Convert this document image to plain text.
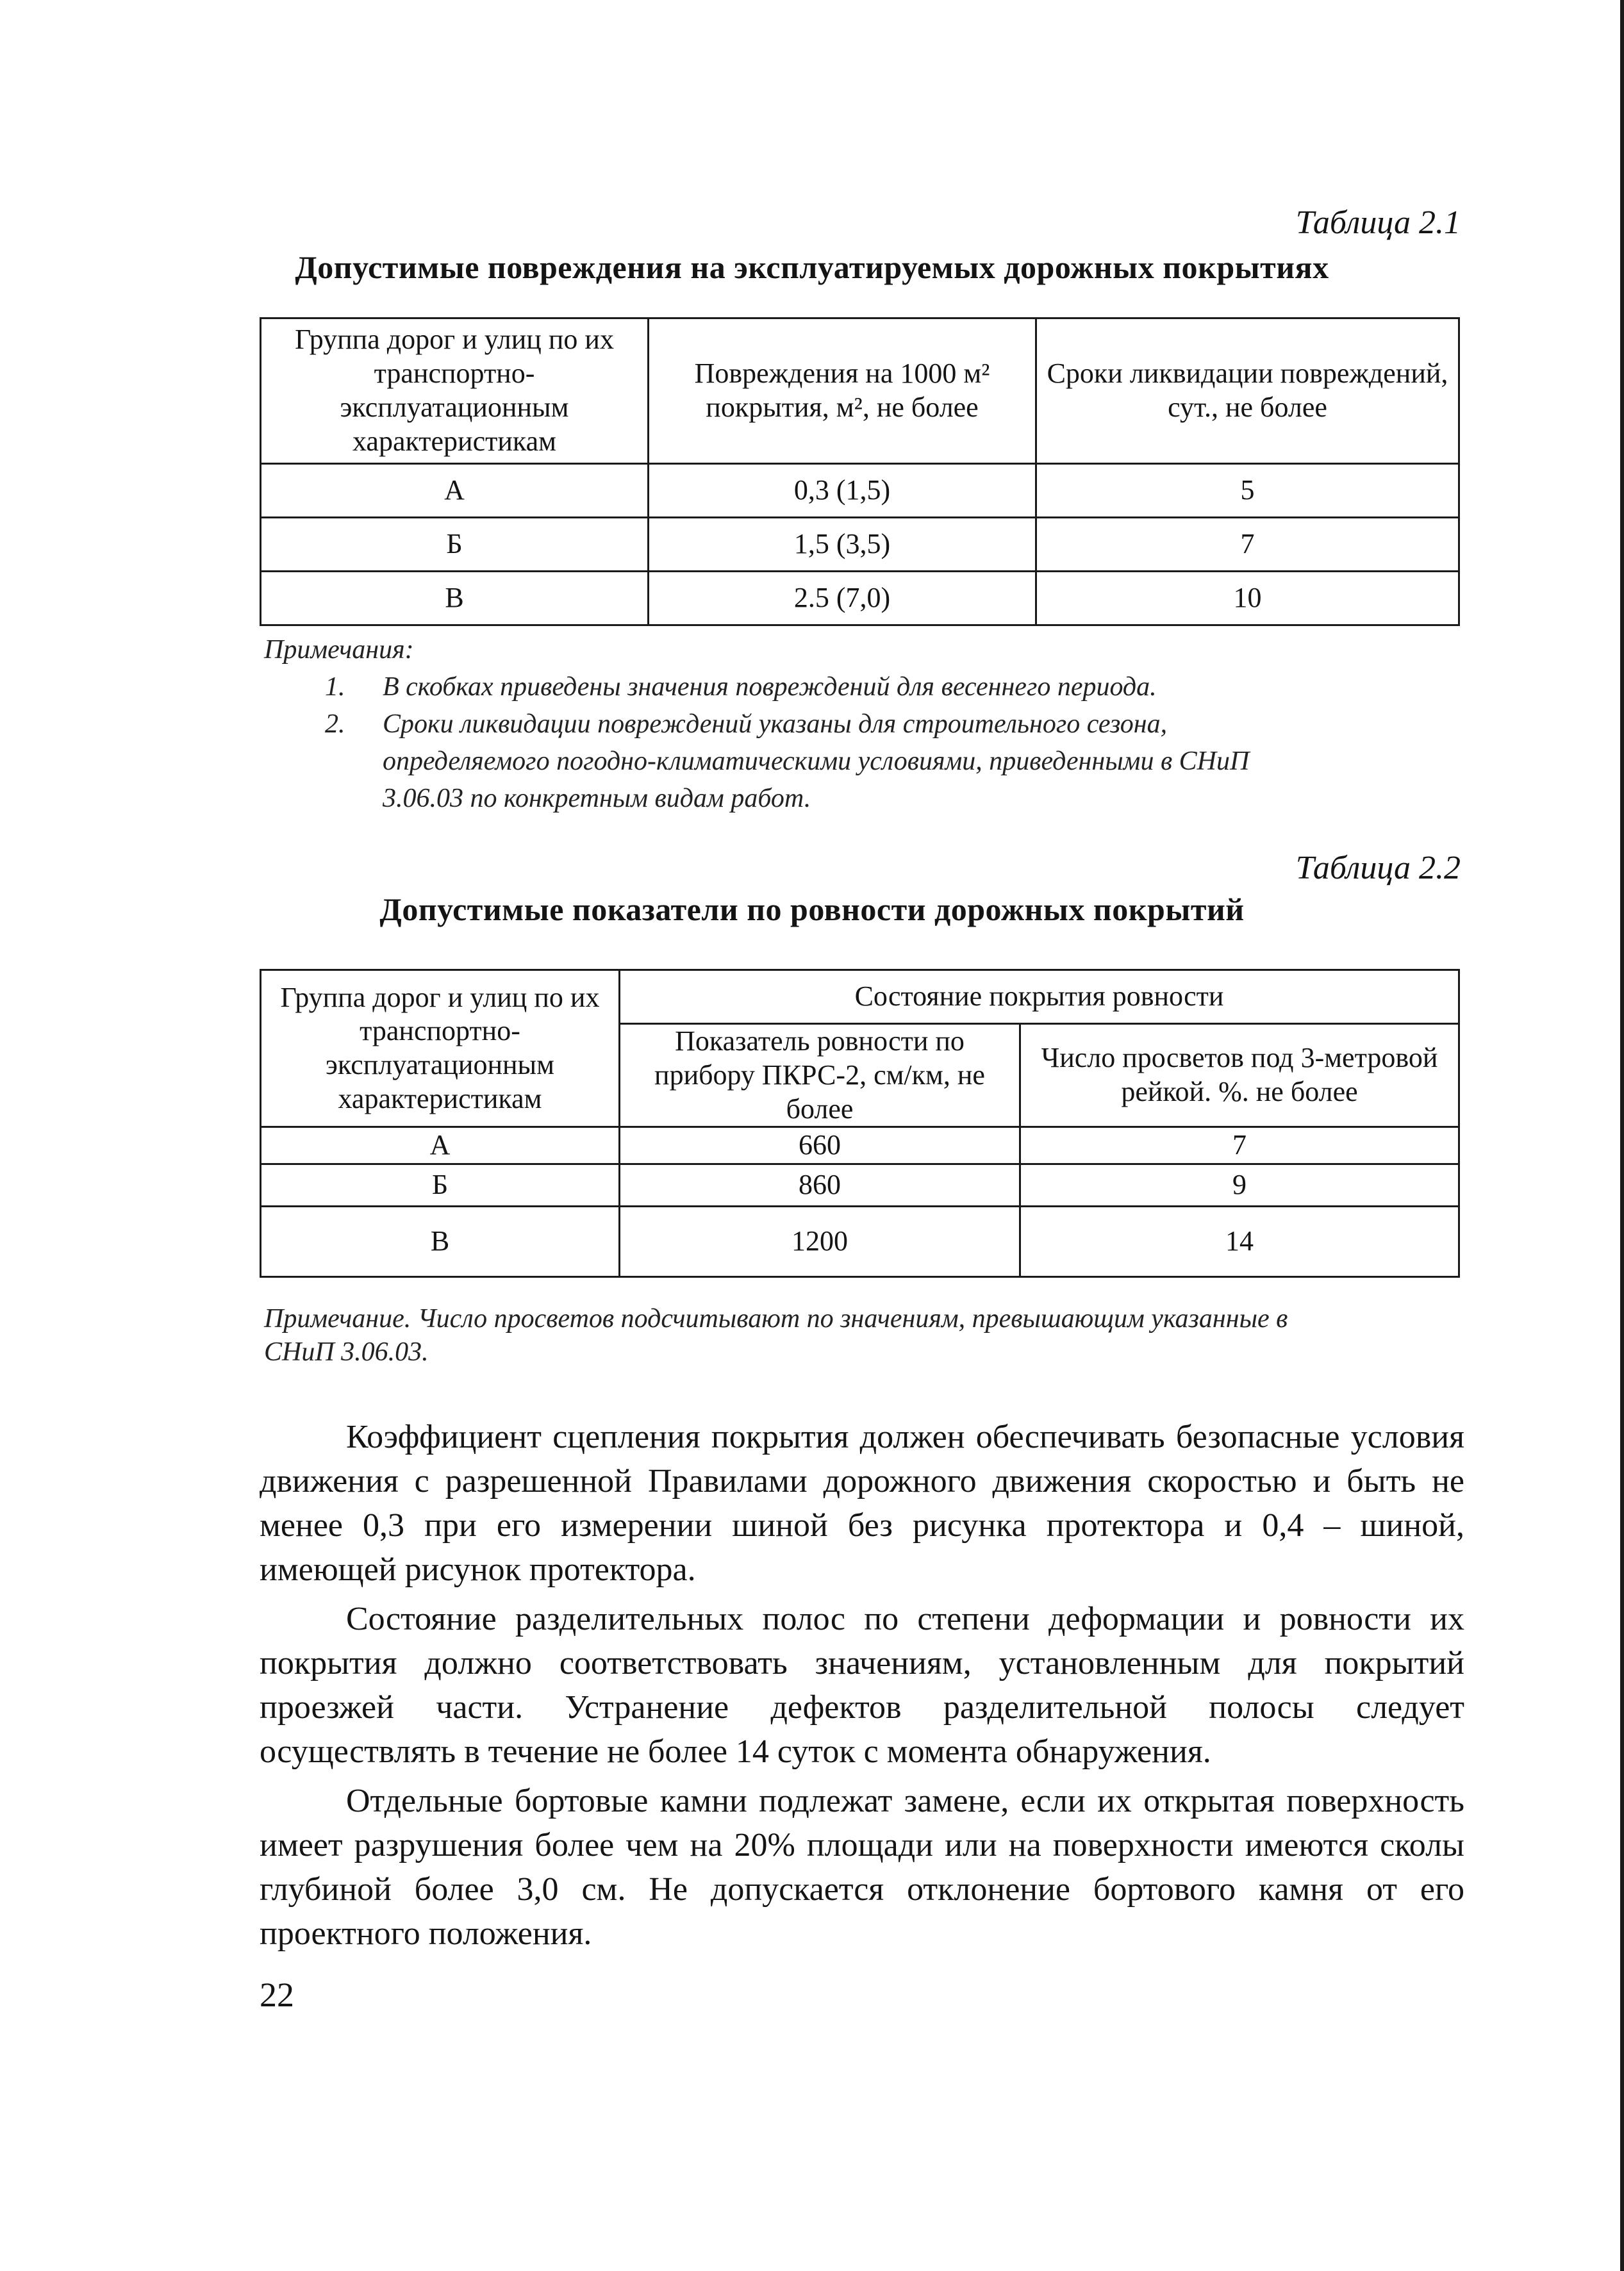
Таблица 2.1
Допустимые повреждения на эксплуатируемых дорожных покрытиях
Группа дорог и улиц по их транспортно-эксплуатационным характеристикам	Повреждения на 1000 м² покрытия, м², не более	Сроки ликвидации повреждений, сут., не более
А	0,3 (1,5)	5
Б	1,5 (3,5)	7
В	2.5 (7,0)	10
Примечания:
1. В скобках приведены значения повреждений для весеннего периода.
2. Сроки ликвидации повреждений указаны для строительного сезона,
определяемого погодно-климатическими условиями, приведенными в СНиП
3.06.03 по конкретным видам работ.
Таблица 2.2
Допустимые показатели по ровности дорожных покрытий
Группа дорог и улиц по их транспортно-эксплуатационным характеристикам	Состояние покрытия ровности	
	Показатель ровности по прибору ПКРС-2, см/км, не более	Число просветов под 3-метровой рейкой. %. не более
А	660	7
Б	860	9
В	1200	14
Примечание. Число просветов подсчитывают по значениям, превышающим указанные в
СНиП 3.06.03.

Коэффициент сцепления покрытия должен обеспечивать безопасные условия движения с разрешенной Правилами дорожного движения скоростью и быть не менее 0,3 при его измерении шиной без рисунка протектора и 0,4 – шиной, имеющей рисунок протектора.

Состояние разделительных полос по степени деформации и ровности их покрытия должно соответствовать значениям, установленным для покрытий проезжей части. Устранение дефектов разделительной полосы следует осуществлять в течение не более 14 суток с момента обнаружения.

Отдельные бортовые камни подлежат замене, если их открытая поверхность имеет разрушения более чем на 20% площади или на поверхности имеются сколы глубиной более 3,0 см. Не допускается отклонение бортового камня от его проектного положения.

22
